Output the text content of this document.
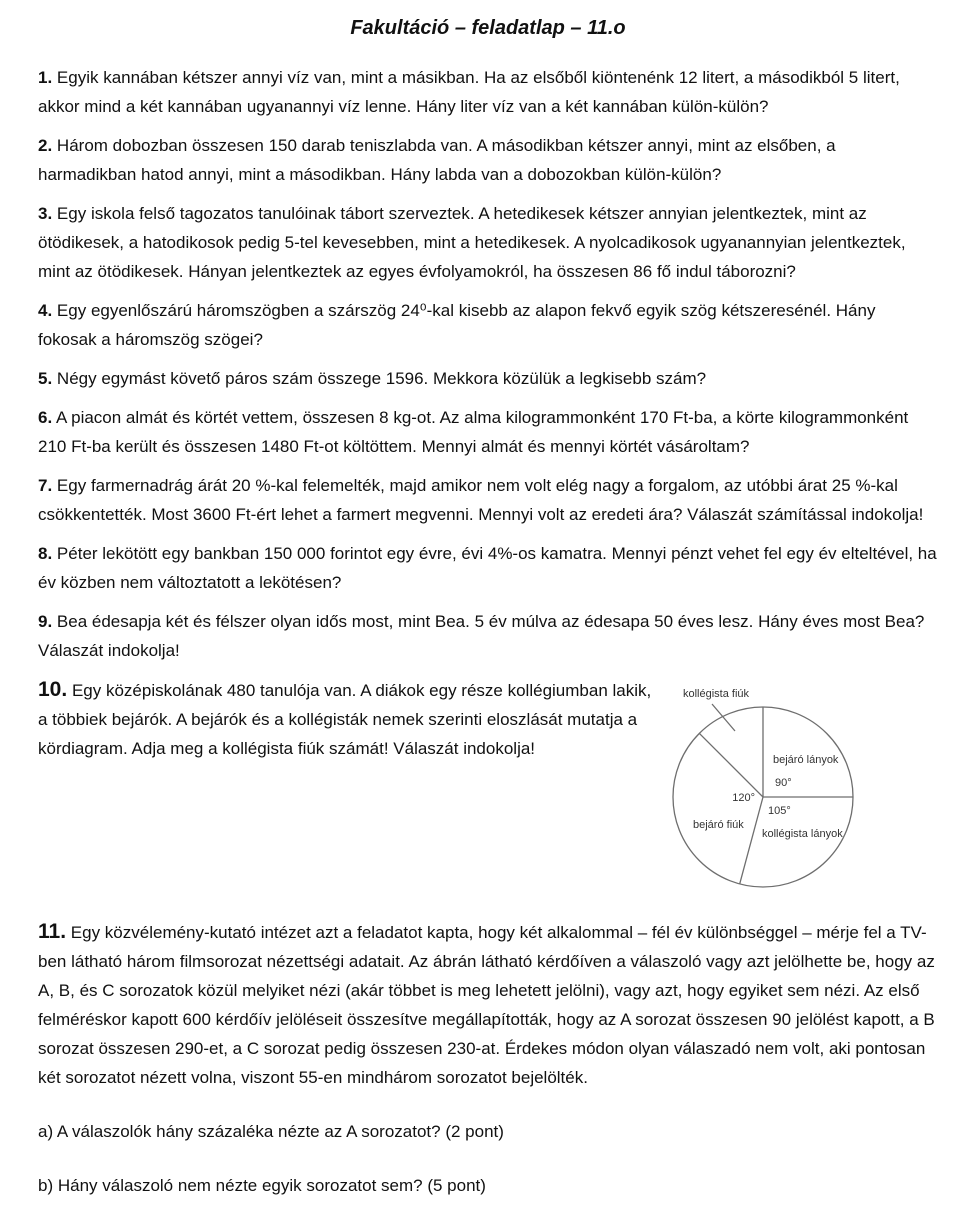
Fakultáció – feladatlap – 11.o

1. Egyik kannában kétszer annyi víz van, mint a másikban. Ha az elsőből kiöntenénk 12 litert, a másodikból 5 litert, akkor mind a két kannában ugyanannyi víz lenne. Hány liter víz van a két kannában külön-külön?

2. Három dobozban összesen 150 darab teniszlabda van. A másodikban kétszer annyi, mint az elsőben, a harmadikban hatod annyi, mint a másodikban. Hány labda van a dobozokban külön-külön?

3. Egy iskola felső tagozatos tanulóinak tábort szerveztek. A hetedikesek kétszer annyian jelentkeztek, mint az ötödikesek, a hatodikosok pedig 5-tel kevesebben, mint a hetedikesek. A nyolcadikosok ugyanannyian jelentkeztek, mint az ötödikesek. Hányan jelentkeztek az egyes évfolyamokról, ha összesen 86 fő indul táborozni?

4. Egy egyenlőszárú háromszögben a szárszög 24⁰-kal kisebb az alapon fekvő egyik szög kétszeresénél. Hány fokosak a háromszög szögei?

5. Négy egymást követő páros szám összege 1596. Mekkora közülük a legkisebb szám?

6. A piacon almát és körtét vettem, összesen 8 kg-ot. Az alma kilogrammonként 170 Ft-ba, a körte kilogrammonként 210 Ft-ba került és összesen 1480 Ft-ot költöttem. Mennyi almát és mennyi körtét vásároltam?

7. Egy farmernadrág árát 20 %-kal felemelték, majd amikor nem volt elég nagy a forgalom, az utóbbi árat 25 %-kal csökkentették. Most 3600 Ft-ért lehet a farmert megvenni. Mennyi volt az eredeti ára? Válaszát számítással indokolja!

8. Péter lekötött egy bankban 150 000 forintot egy évre, évi 4%-os kamatra. Mennyi pénzt vehet fel egy év elteltével, ha év közben nem változtatott a lekötésen?

9. Bea édesapja két és félszer olyan idős most, mint Bea. 5 év múlva az édesapa 50 éves lesz. Hány éves most Bea? Válaszát indokolja!

10. Egy középiskolának 480 tanulója van. A diákok egy része kollégiumban lakik, a többiek bejárók. A bejárók és a kollégisták nemek szerinti eloszlását mutatja a kördiagram. Adja meg a kollégista fiúk számát! Válaszát indokolja!

kollégista fiúk
bejáró lányok
90°
120°
105°
bejáró fiúk
kollégista lányok

11. Egy közvélemény-kutató intézet azt a feladatot kapta, hogy két alkalommal – fél év különbséggel – mérje fel a TV-ben látható három filmsorozat nézettségi adatait. Az ábrán látható kérdőíven a válaszoló vagy azt jelölhette be, hogy az A, B, és C sorozatok közül melyiket nézi (akár többet is meg lehetett jelölni), vagy azt, hogy egyiket sem nézi. Az első felméréskor kapott 600 kérdőív jelöléseit összesítve megállapították, hogy az A sorozat összesen 90 jelölést kapott, a B sorozat összesen 290-et, a C sorozat pedig összesen 230-at. Érdekes módon olyan válaszadó nem volt, aki pontosan két sorozatot nézett volna, viszont 55-en mindhárom sorozatot bejelölték.

a) A válaszolók hány százaléka nézte az A sorozatot? (2 pont)

b) Hány válaszoló nem nézte egyik sorozatot sem? (5 pont)
